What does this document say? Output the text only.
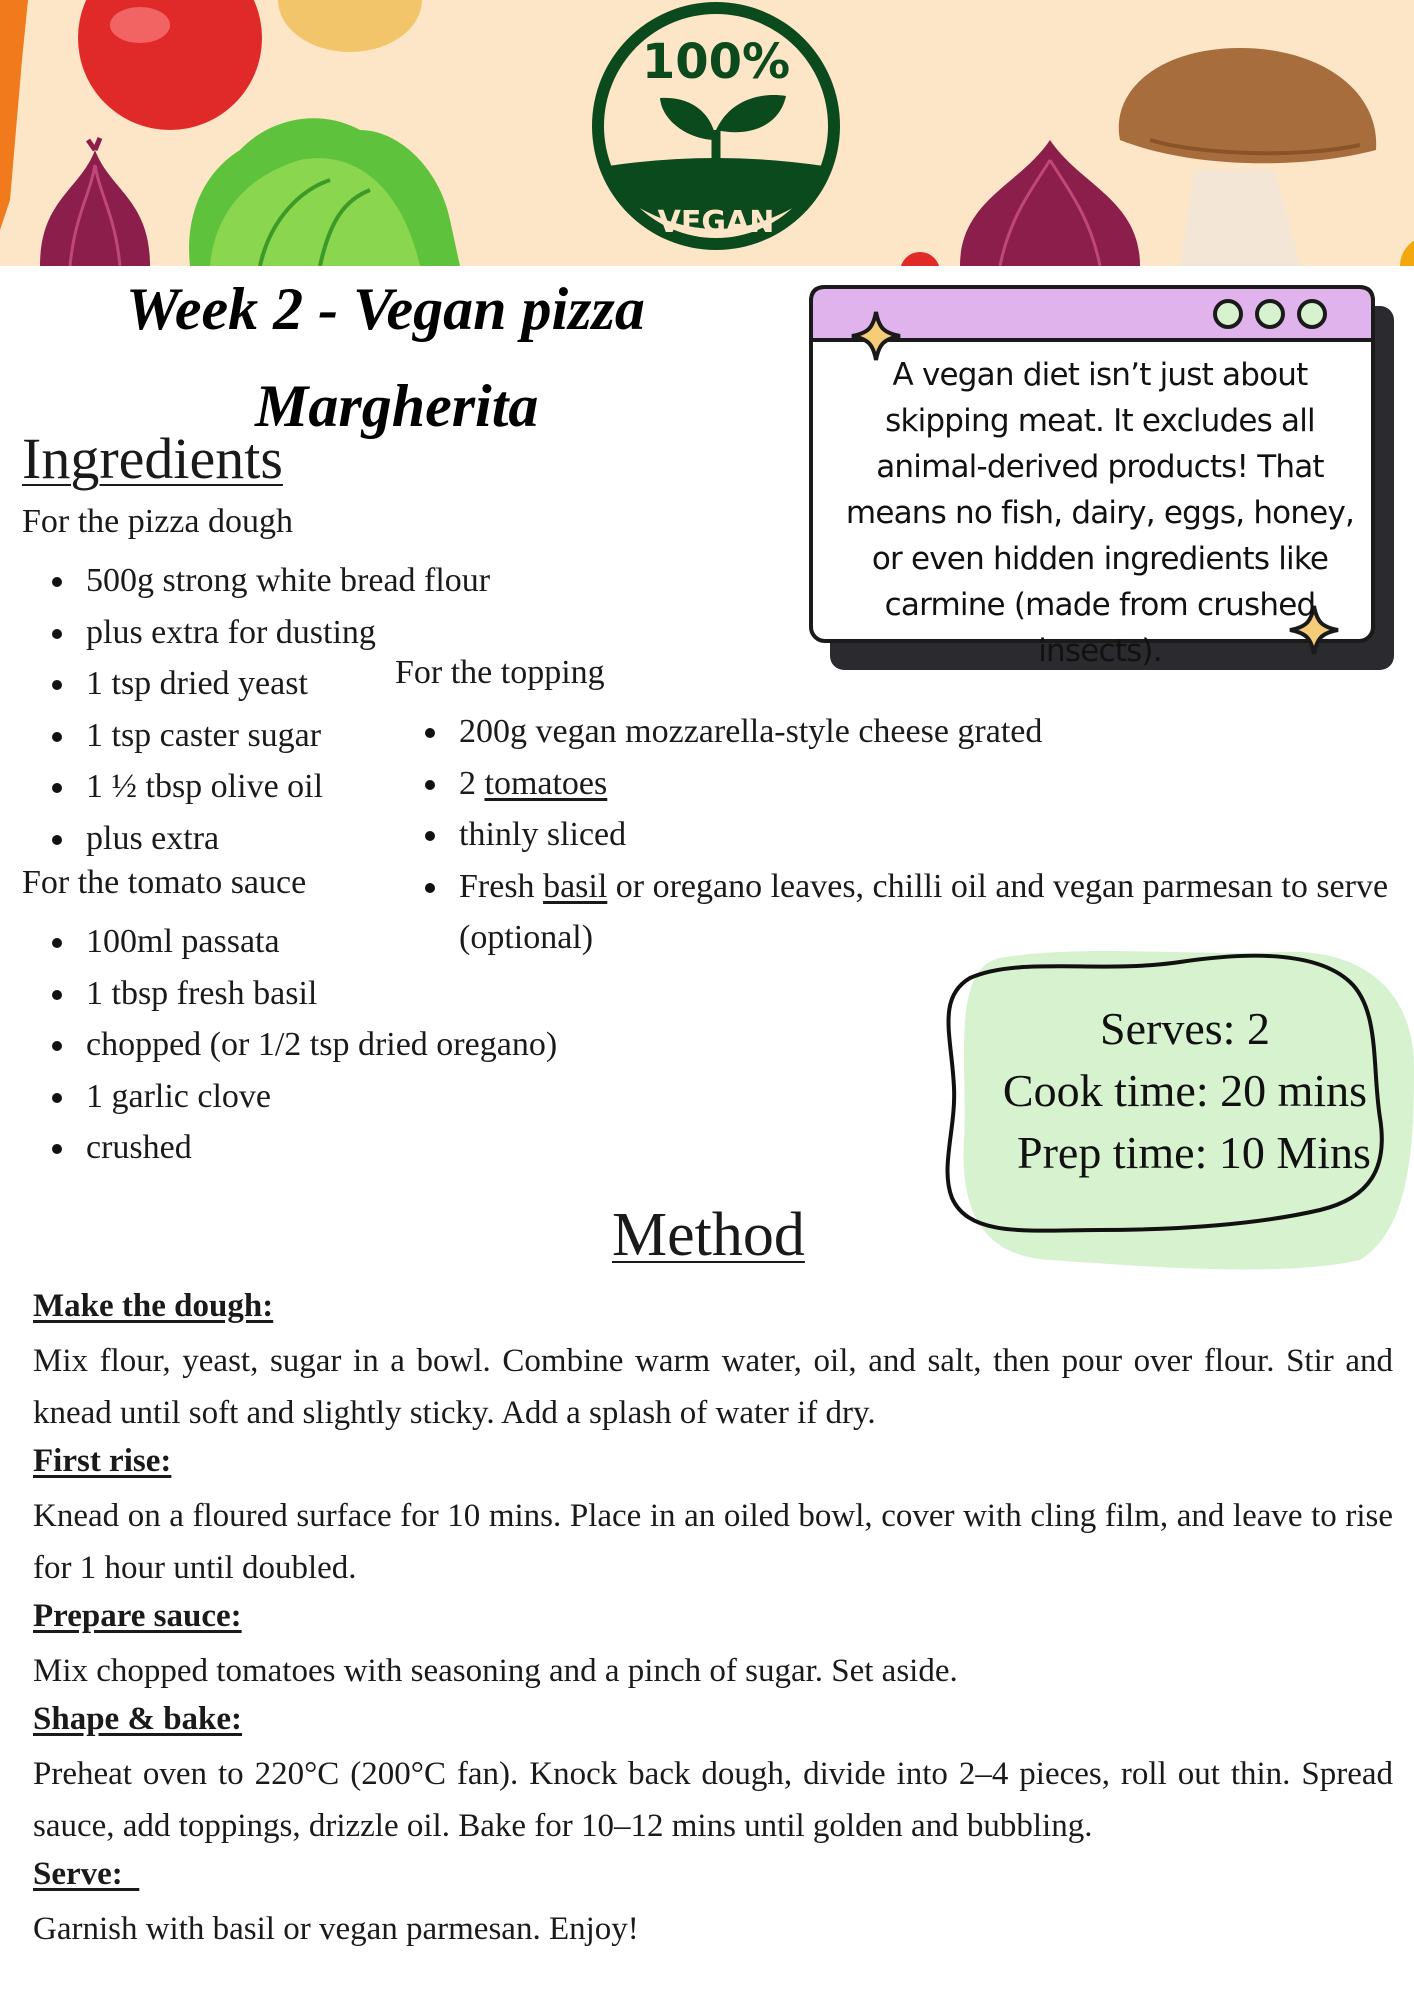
100%
VEGAN
Week 2 - Vegan pizza
Margherita	A vegan diet isn’t just about skipping meat. It excludes all animal-derived products! That means no fish, dairy, eggs, honey, or even hidden ingredients like carmine (made from crushed insects).
Ingredients
For the pizza dough
500g strong white bread flour
plus extra for dusting
1 tsp dried yeast
1 tsp caster sugar
1 ½ tbsp olive oil
plus extra
For the tomato sauce
100ml passata
1 tbsp fresh basil
chopped (or 1/2 tsp dried oregano)
1 garlic clove
crushed
For the topping
200g vegan mozzarella-style cheese grated
2 tomatoes
thinly sliced
Fresh basil or oregano leaves, chilli oil and vegan parmesan to serve (optional)
Serves: 2
Cook time: 20 mins
Prep time: 10 Mins
Method
Make the dough:
Mix flour, yeast, sugar in a bowl. Combine warm water, oil, and salt, then pour over flour. Stir and knead until soft and slightly sticky. Add a splash of water if dry.
First rise:
Knead on a floured surface for 10 mins. Place in an oiled bowl, cover with cling film, and leave to rise for 1 hour until doubled.
Prepare sauce:
Mix chopped tomatoes with seasoning and a pinch of sugar. Set aside.
Shape & bake:
Preheat oven to 220°C (200°C fan). Knock back dough, divide into 2–4 pieces, roll out thin. Spread sauce, add toppings, drizzle oil. Bake for 10–12 mins until golden and bubbling.
Serve:
Garnish with basil or vegan parmesan. Enjoy!
